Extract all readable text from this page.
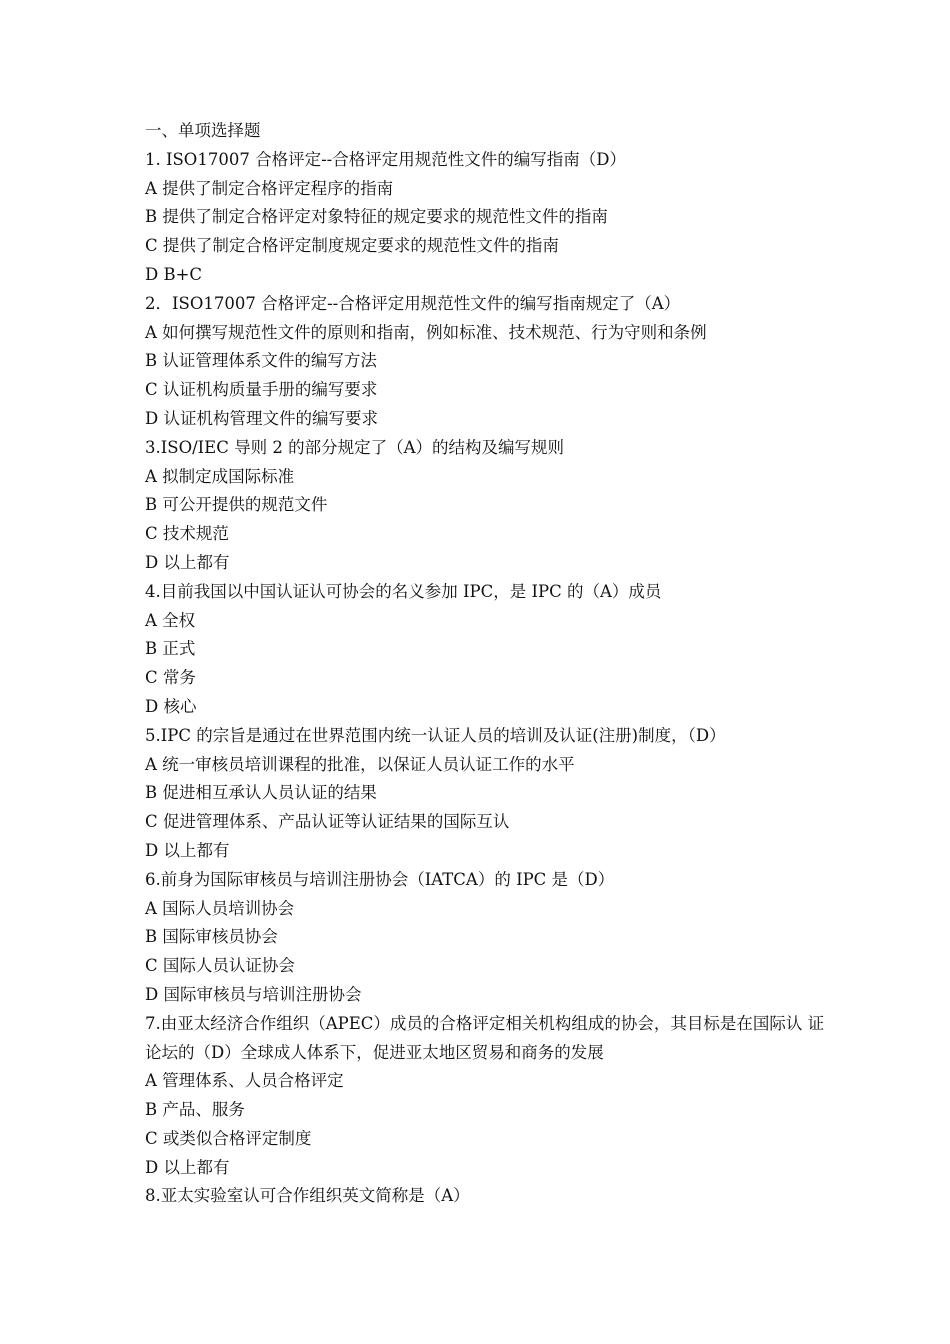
一、单项选择题
1. ISO17007 合格评定--合格评定用规范性文件的编写指南（D）
A 提供了制定合格评定程序的指南
B 提供了制定合格评定对象特征的规定要求的规范性文件的指南
C 提供了制定合格评定制度规定要求的规范性文件的指南
D B+C
2．ISO17007 合格评定--合格评定用规范性文件的编写指南规定了（A）
A 如何撰写规范性文件的原则和指南，例如标准、技术规范、行为守则和条例
B 认证管理体系文件的编写方法
C 认证机构质量手册的编写要求
D 认证机构管理文件的编写要求
3.ISO/IEC 导则 2 的部分规定了（A）的结构及编写规则
A 拟制定成国际标准
B 可公开提供的规范文件
C 技术规范
D 以上都有
4.目前我国以中国认证认可协会的名义参加 IPC，是 IPC 的（A）成员
A 全权
B 正式
C 常务
D 核心
5.IPC 的宗旨是通过在世界范围内统一认证人员的培训及认证(注册)制度，（D）
A 统一审核员培训课程的批准，以保证人员认证工作的水平
B 促进相互承认人员认证的结果
C 促进管理体系、产品认证等认证结果的国际互认
D 以上都有
6.前身为国际审核员与培训注册协会（IATCA）的 IPC 是（D）
A 国际人员培训协会
B 国际审核员协会
C 国际人员认证协会
D 国际审核员与培训注册协会
7.由亚太经济合作组织（APEC）成员的合格评定相关机构组成的协会，其目标是在国际认 证论坛的（D）全球成人体系下，促进亚太地区贸易和商务的发展
A 管理体系、人员合格评定
B 产品、服务
C 或类似合格评定制度
D 以上都有
8.亚太实验室认可合作组织英文简称是（A）
